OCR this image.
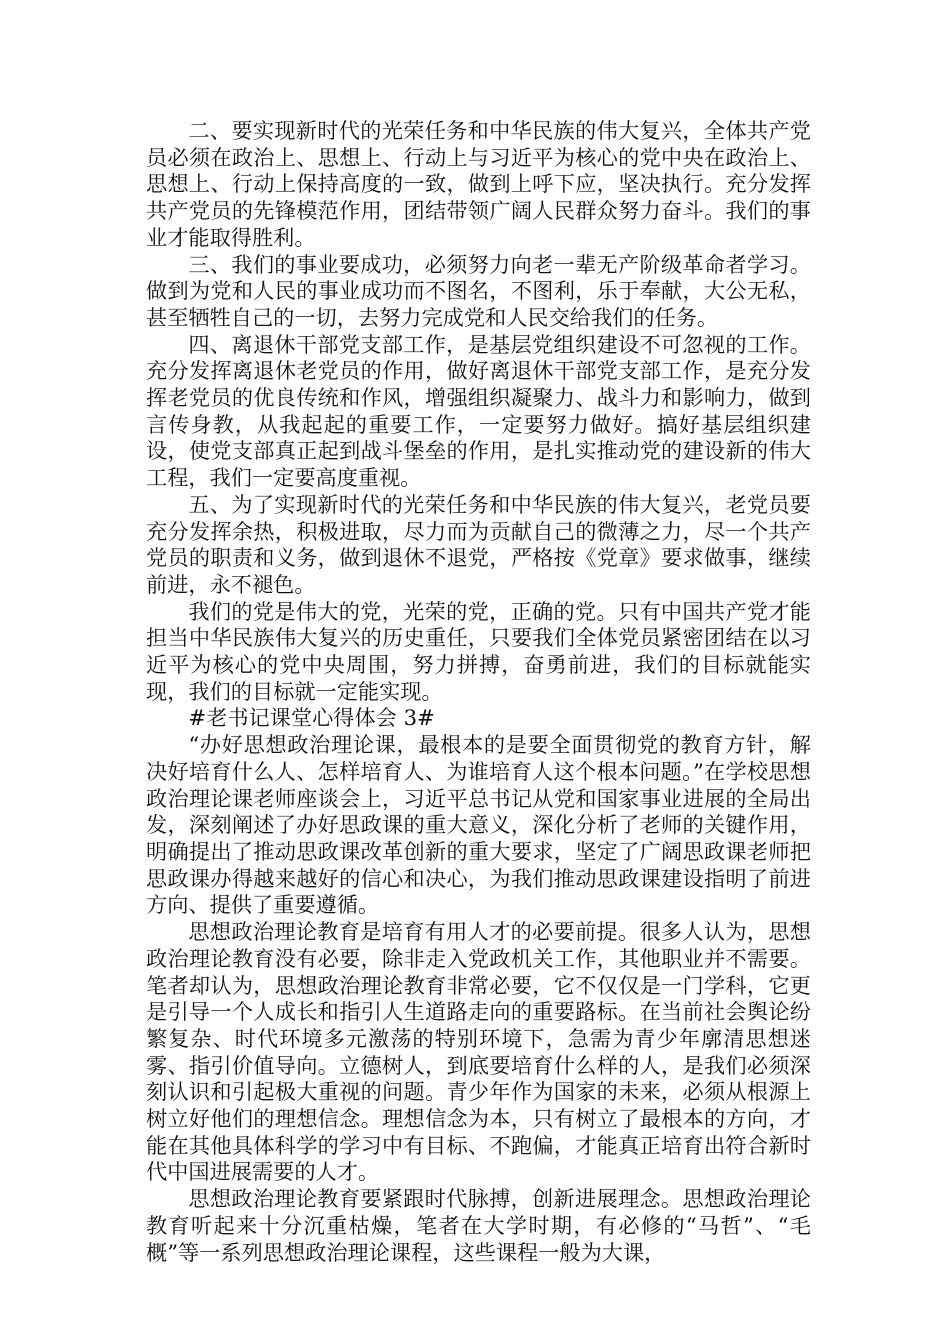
二、要实现新时代的光荣任务和中华民族的伟大复兴，全体共产党员必须在政治上、思想上、行动上与习近平为核心的党中央在政治上、思想上、行动上保持高度的一致，做到上呼下应，坚决执行。充分发挥共产党员的先锋模范作用，团结带领广阔人民群众努力奋斗。我们的事业才能取得胜利。

三、我们的事业要成功，必须努力向老一辈无产阶级革命者学习。做到为党和人民的事业成功而不图名，不图利，乐于奉献，大公无私，甚至牺牲自己的一切，去努力完成党和人民交给我们的任务。

四、离退休干部党支部工作，是基层党组织建设不可忽视的工作。充分发挥离退休老党员的作用，做好离退休干部党支部工作，是充分发挥老党员的优良传统和作风，增强组织凝聚力、战斗力和影响力，做到言传身教，从我起起的重要工作，一定要努力做好。搞好基层组织建设，使党支部真正起到战斗堡垒的作用，是扎实推动党的建设新的伟大工程，我们一定要高度重视。

五、为了实现新时代的光荣任务和中华民族的伟大复兴，老党员要充分发挥余热，积极进取，尽力而为贡献自己的微薄之力，尽一个共产党员的职责和义务，做到退休不退党，严格按《党章》要求做事，继续前进，永不褪色。

我们的党是伟大的党，光荣的党，正确的党。只有中国共产党才能担当中华民族伟大复兴的历史重任，只要我们全体党员紧密团结在以习近平为核心的党中央周围，努力拼搏，奋勇前进，我们的目标就能实现，我们的目标就一定能实现。

#老书记课堂心得体会 3#

“办好思想政治理论课，最根本的是要全面贯彻党的教育方针，解决好培育什么人、怎样培育人、为谁培育人这个根本问题。”在学校思想政治理论课老师座谈会上，习近平总书记从党和国家事业进展的全局出发，深刻阐述了办好思政课的重大意义，深化分析了老师的关键作用，明确提出了推动思政课改革创新的重大要求，坚定了广阔思政课老师把思政课办得越来越好的信心和决心，为我们推动思政课建设指明了前进方向、提供了重要遵循。

思想政治理论教育是培育有用人才的必要前提。很多人认为，思想政治理论教育没有必要，除非走入党政机关工作，其他职业并不需要。笔者却认为，思想政治理论教育非常必要，它不仅仅是一门学科，它更是引导一个人成长和指引人生道路走向的重要路标。在当前社会舆论纷繁复杂、时代环境多元激荡的特别环境下，急需为青少年廓清思想迷雾、指引价值导向。立德树人，到底要培育什么样的人，是我们必须深刻认识和引起极大重视的问题。青少年作为国家的未来，必须从根源上树立好他们的理想信念。理想信念为本，只有树立了最根本的方向，才能在其他具体科学的学习中有目标、不跑偏，才能真正培育出符合新时代中国进展需要的人才。

思想政治理论教育要紧跟时代脉搏，创新进展理念。思想政治理论教育听起来十分沉重枯燥，笔者在大学时期，有必修的“马哲”、“毛概”等一系列思想政治理论课程，这些课程一般为大课，
